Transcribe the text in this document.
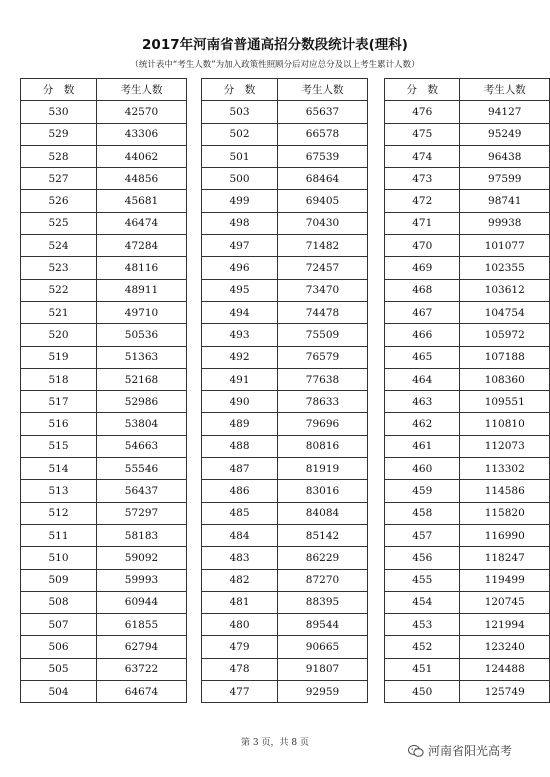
2017年河南省普通高招分数段统计表(理科)
（统计表中“考生人数”为加入政策性照顾分后对应总分及以上考生累计人数）
分　数	考生人数
530	42570
529	43306
528	44062
527	44856
526	45681
525	46474
524	47284
523	48116
522	48911
521	49710
520	50536
519	51363
518	52168
517	52986
516	53804
515	54663
514	55546
513	56437
512	57297
511	58183
510	59092
509	59993
508	60944
507	61855
506	62794
505	63722
504	64674
分　数	考生人数
503	65637
502	66578
501	67539
500	68464
499	69405
498	70430
497	71482
496	72457
495	73470
494	74478
493	75509
492	76579
491	77638
490	78633
489	79696
488	80816
487	81919
486	83016
485	84084
484	85142
483	86229
482	87270
481	88395
480	89544
479	90665
478	91807
477	92959
分　数	考生人数
476	94127
475	95249
474	96438
473	97599
472	98741
471	99938
470	101077
469	102355
468	103612
467	104754
466	105972
465	107188
464	108360
463	109551
462	110810
461	112073
460	113302
459	114586
458	115820
457	116990
456	118247
455	119499
454	120745
453	121994
452	123240
451	124488
450	125749
第 3 页，共 8 页
河南省阳光高考
